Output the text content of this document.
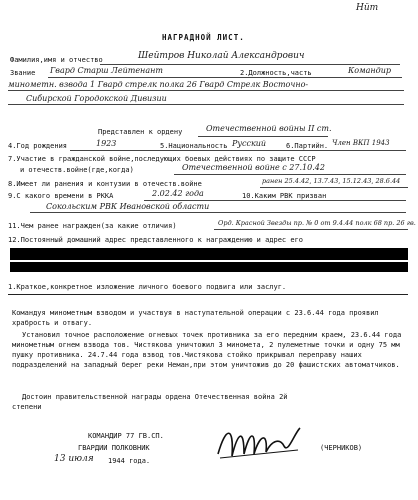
Нйт
НАГРАДНОЙ ЛИСТ.
Фамилия,имя и отчество	Шейтров Николай Александрович
Звание Гвард Старш Лейтенант	2.Должность,часть	Командир
минометн. взвода 1 Гвард стрелк полка 26 Гвард Стрелк Восточно-
Сибирской Городокской Дивизии
Представлен к ордену	Отечественной войны II ст.
4.Год рождения	1923	5.Национальность Русский	6.Партийн. Член ВКП 1943
7.Участие в гражданской войне,последующих боевых действиях по защите СССР
и отечеств.войне(где,когда)	Отечественной войне с 27.10.42
8.Имеет ли ранения и контузии в отечеств.войне	ранен 25.4.42, 13.7.43, 15.12.43, 28.6.44
9.С какого времени в РККА	2.02.42 года	10.Каким РВК призван
Сокольским РВК Ивановской области
11.Чем ранее награжден(за какие отличия)	Орд. Красной Звезды пр. № 0 от 9.4.44 полк 68 пр. 26 гв.
12.Постоянный домашний адрес представленного к награждению и адрес его
1.Краткое,конкретное изложение личного боевого подвига или заслуг.
Командуя минометным взводом и участвуя в наступательной операции с 23.6.44 года проявил храбрость и отвагу.
Установил точное расположение огневых точек противника за его передним краем, 23.6.44 года минометным огнем взвода тов. Чистякова уничтожил 3 миномета, 2 пулеметные точки и одну 75 мм пушку противника. 24.7.44 года взвод тов.Чистякова стойко прикрывал переправу наших подразделений на западный берег реки Неман,при этом уничтожив до 20 фашистских автоматчиков.
Достоин правительственной награды ордена Отечественная война 2й степени
КОМАНДИР 77 ГВ.СП.
ГВАРДИИ ПОЛКОВНИК	(ЧЕРНИКОВ)
13 июля 1944 года.
